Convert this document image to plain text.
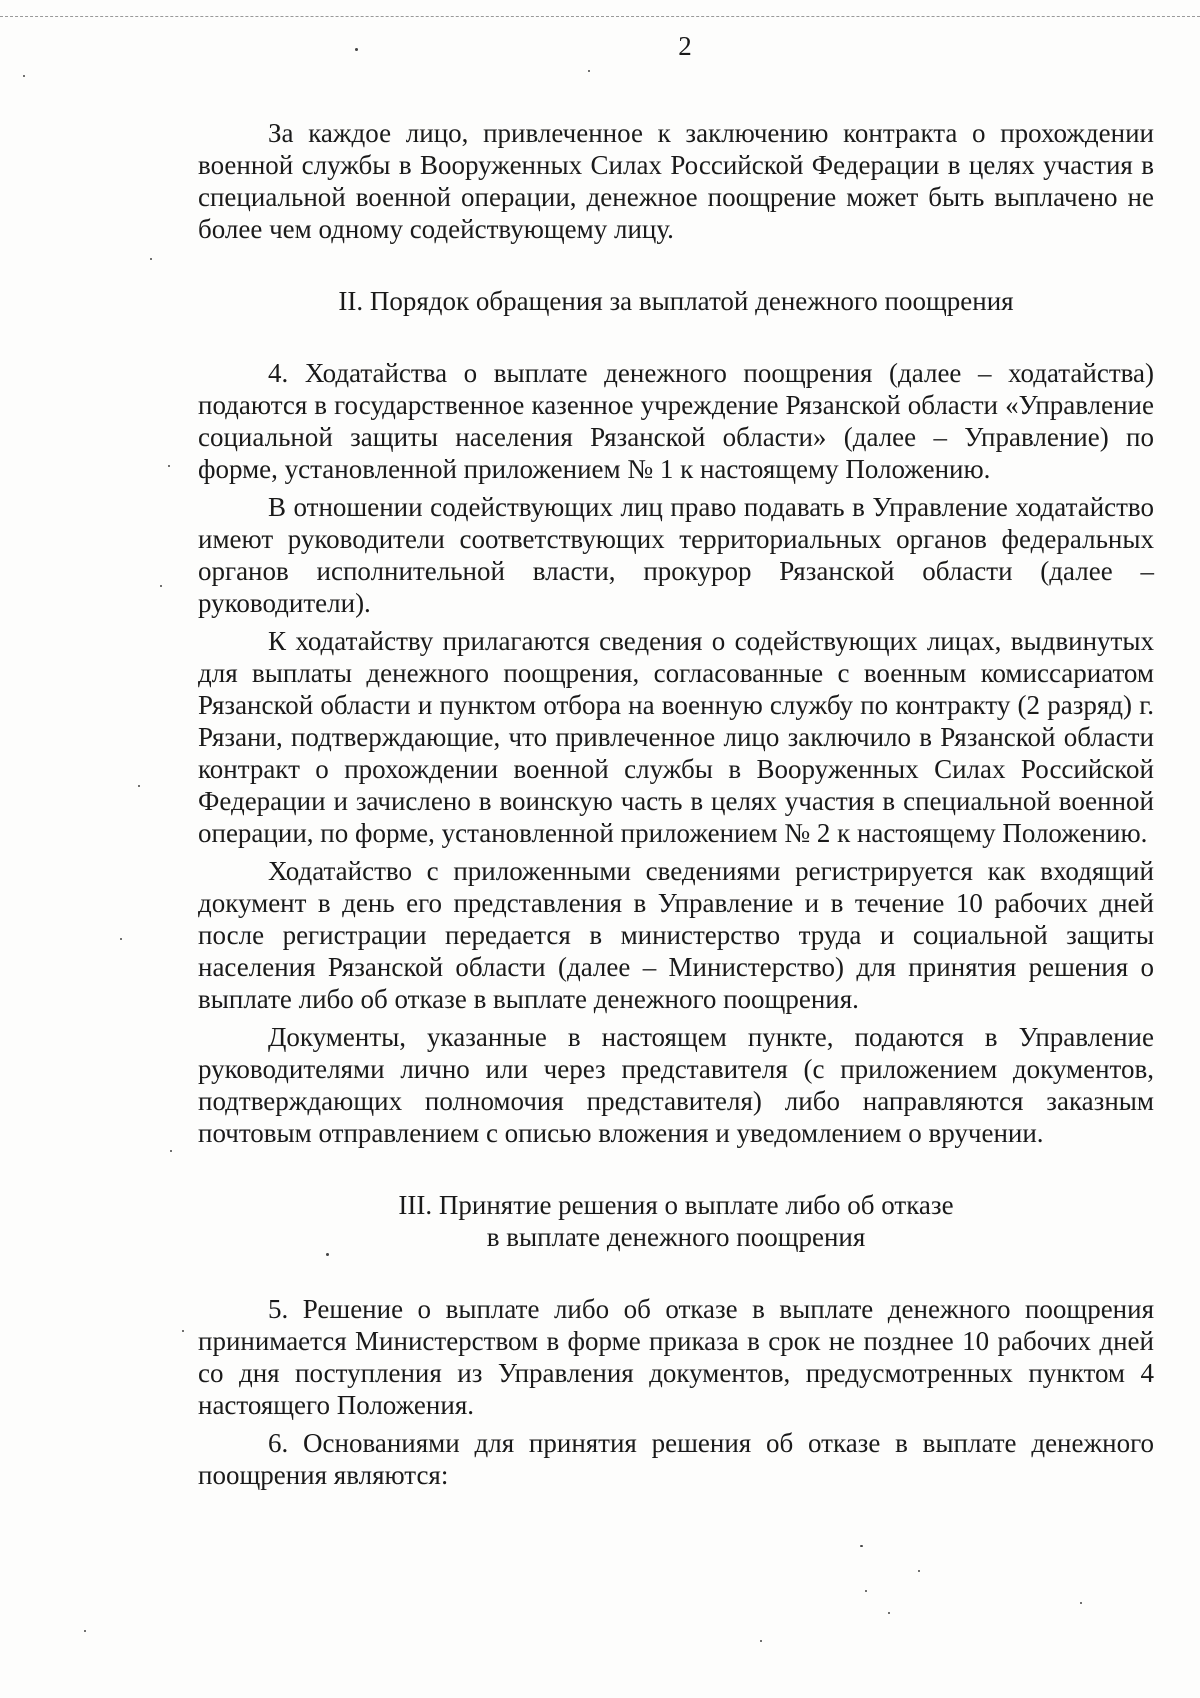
2

За каждое лицо, привлеченное к заключению контракта о прохождении военной службы в Вооруженных Силах Российской Федерации в целях участия в специальной военной операции, денежное поощрение может быть выплачено не более чем одному содействующему лицу.

II. Порядок обращения за выплатой денежного поощрения

4. Ходатайства о выплате денежного поощрения (далее – ходатайства) подаются в государственное казенное учреждение Рязанской области «Управление социальной защиты населения Рязанской области» (далее – Управление) по форме, установленной приложением № 1 к настоящему Положению.

В отношении содействующих лиц право подавать в Управление ходатайство имеют руководители соответствующих территориальных органов федеральных органов исполнительной власти, прокурор Рязанской области (далее – руководители).

К ходатайству прилагаются сведения о содействующих лицах, выдвинутых для выплаты денежного поощрения, согласованные с военным комиссариатом Рязанской области и пунктом отбора на военную службу по контракту (2 разряд) г. Рязани, подтверждающие, что привлеченное лицо заключило в Рязанской области контракт о прохождении военной службы в Вооруженных Силах Российской Федерации и зачислено в воинскую часть в целях участия в специальной военной операции, по форме, установленной приложением № 2 к настоящему Положению.

Ходатайство с приложенными сведениями регистрируется как входящий документ в день его представления в Управление и в течение 10 рабочих дней после регистрации передается в министерство труда и социальной защиты населения Рязанской области (далее – Министерство) для принятия решения о выплате либо об отказе в выплате денежного поощрения.

Документы, указанные в настоящем пункте, подаются в Управление руководителями лично или через представителя (с приложением документов, подтверждающих полномочия представителя) либо направляются заказным почтовым отправлением с описью вложения и уведомлением о вручении.

III. Принятие решения о выплате либо об отказе

в выплате денежного поощрения

5. Решение о выплате либо об отказе в выплате денежного поощрения принимается Министерством в форме приказа в срок не позднее 10 рабочих дней со дня поступления из Управления документов, предусмотренных пунктом 4 настоящего Положения.

6. Основаниями для принятия решения об отказе в выплате денежного поощрения являются:
